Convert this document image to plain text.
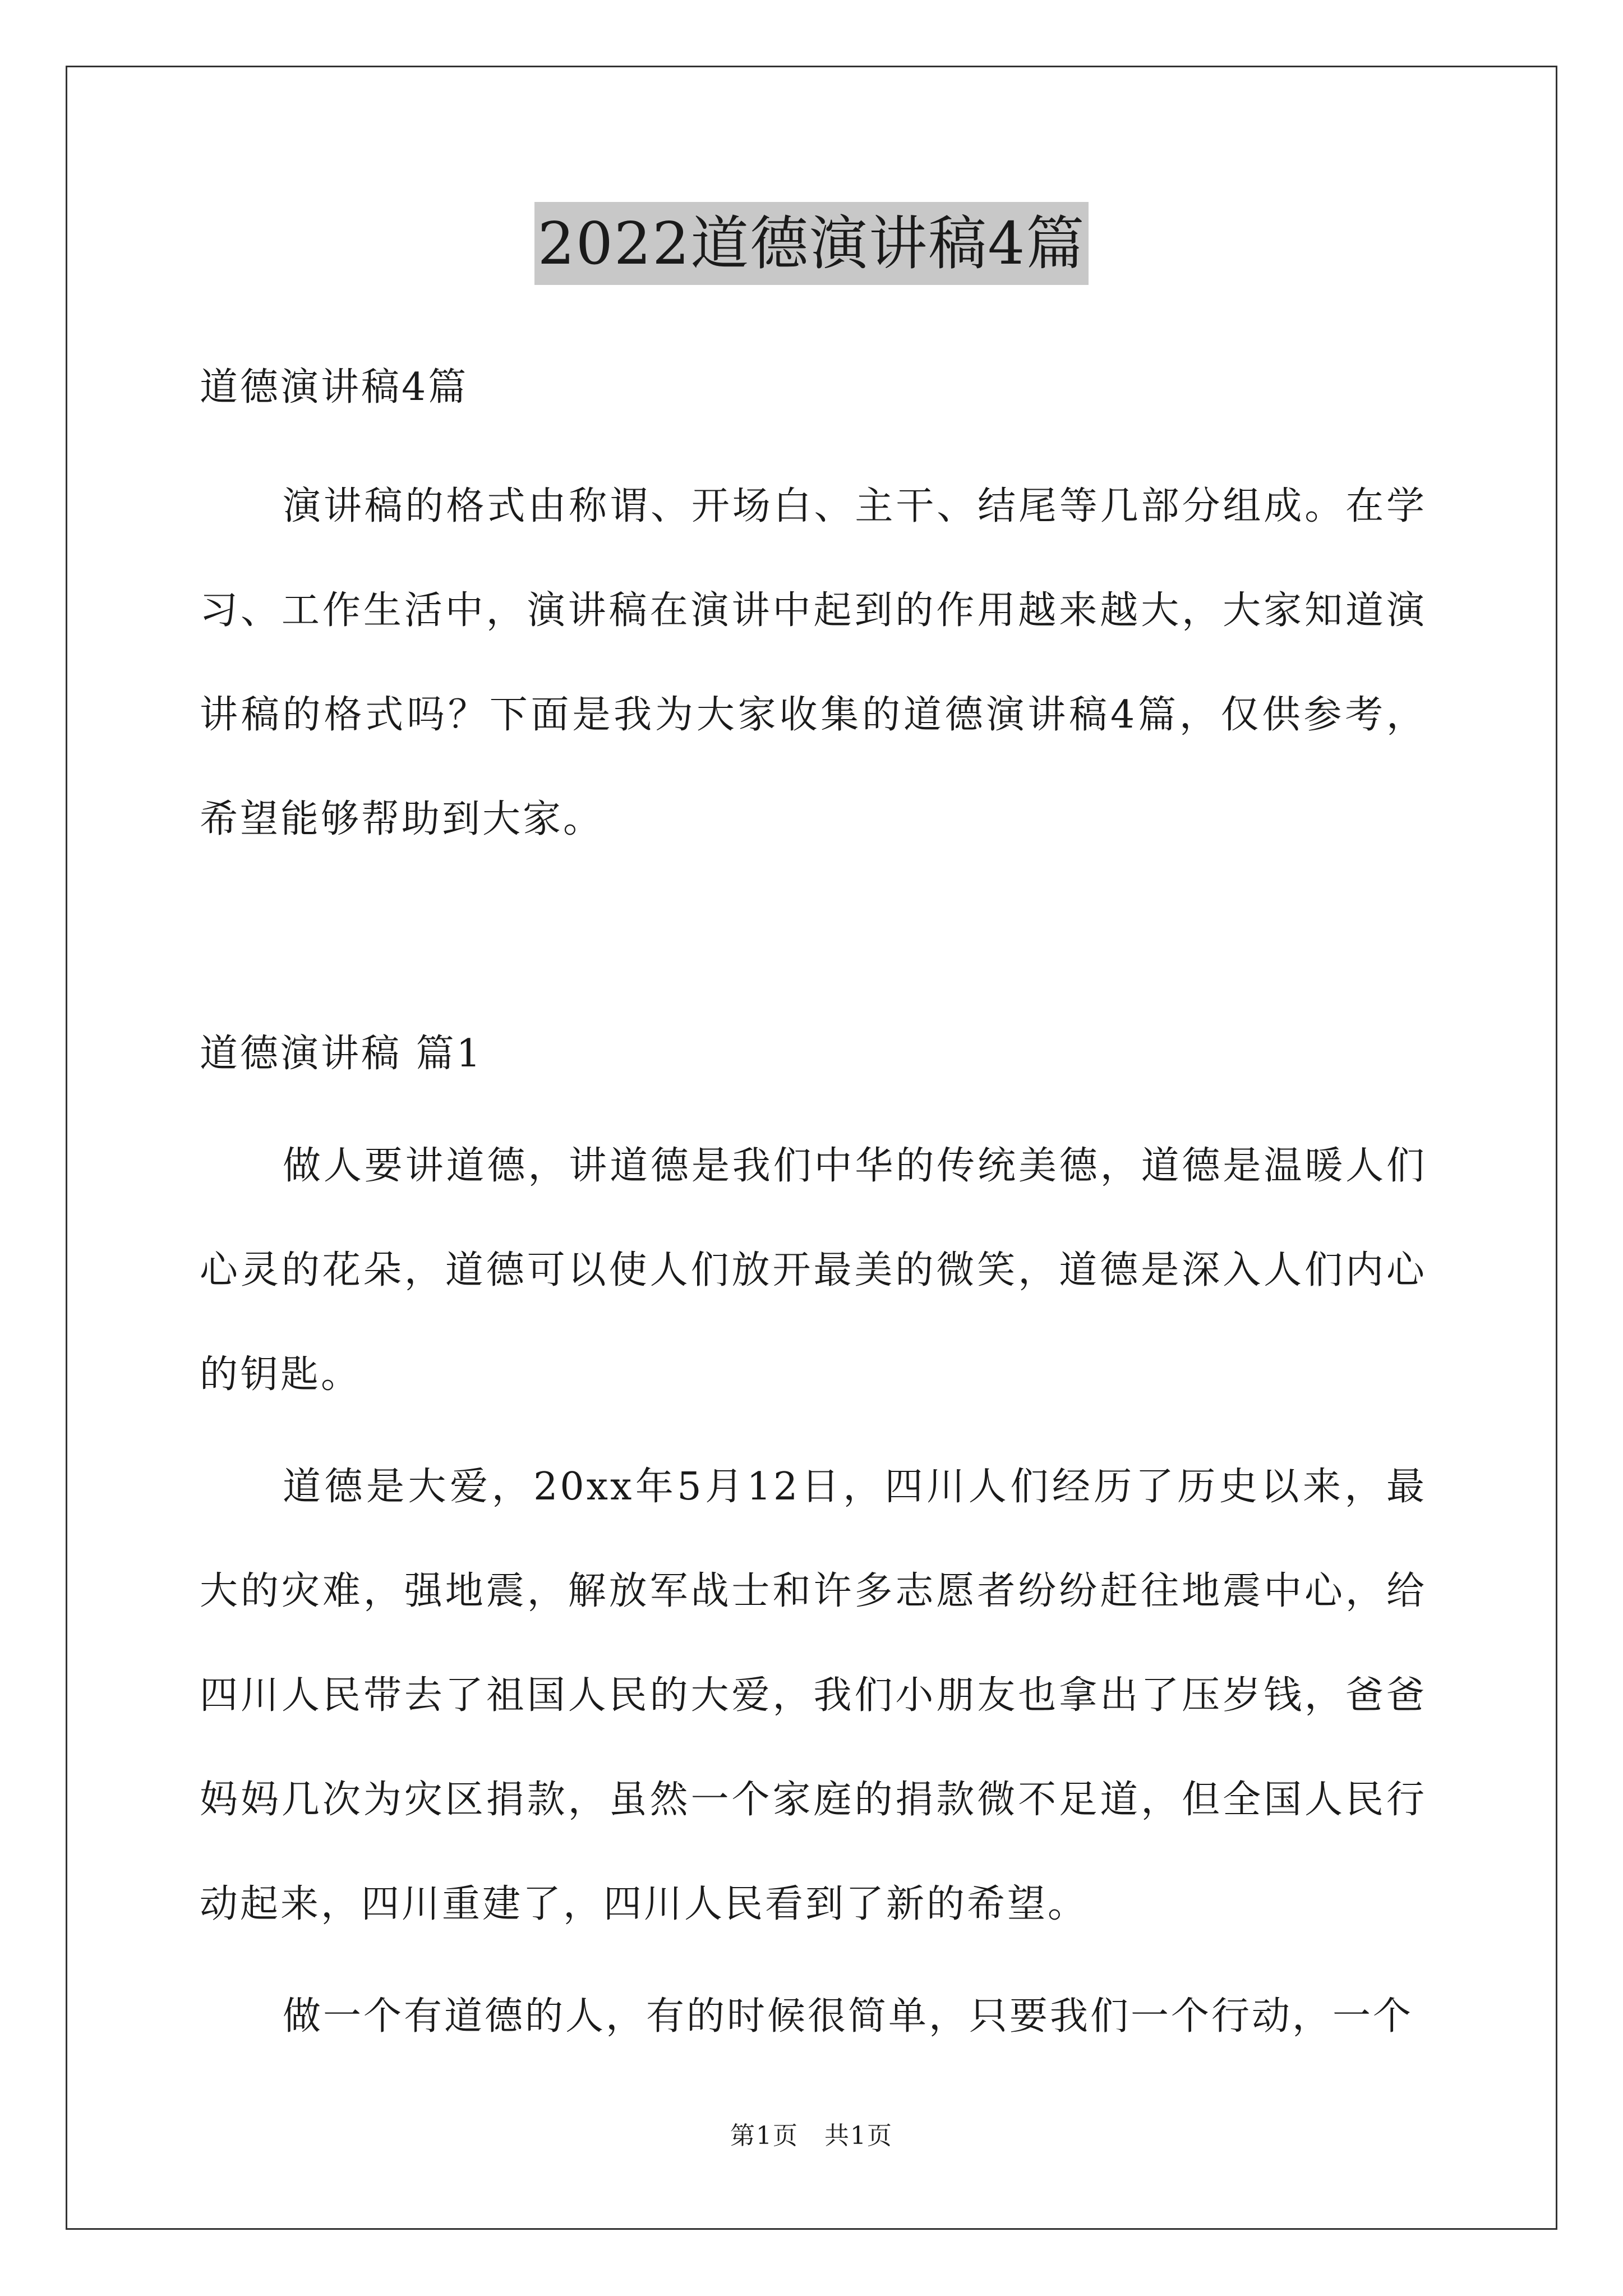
2022道德演讲稿4篇

道德演讲稿4篇

演讲稿的格式由称谓、开场白、主干、结尾等几部分组成。在学习、工作生活中，演讲稿在演讲中起到的作用越来越大，大家知道演讲稿的格式吗？下面是我为大家收集的道德演讲稿4篇，仅供参考，希望能够帮助到大家。

道德演讲稿 篇1

做人要讲道德，讲道德是我们中华的传统美德，道德是温暖人们心灵的花朵，道德可以使人们放开最美的微笑，道德是深入人们内心的钥匙。

道德是大爱，20xx年5月12日，四川人们经历了历史以来，最大的灾难，强地震，解放军战士和许多志愿者纷纷赶往地震中心，给四川人民带去了祖国人民的大爱，我们小朋友也拿出了压岁钱，爸爸妈妈几次为灾区捐款，虽然一个家庭的捐款微不足道，但全国人民行动起来，四川重建了，四川人民看到了新的希望。

做一个有道德的人，有的时候很简单，只要我们一个行动，一个

第1页　共1页
